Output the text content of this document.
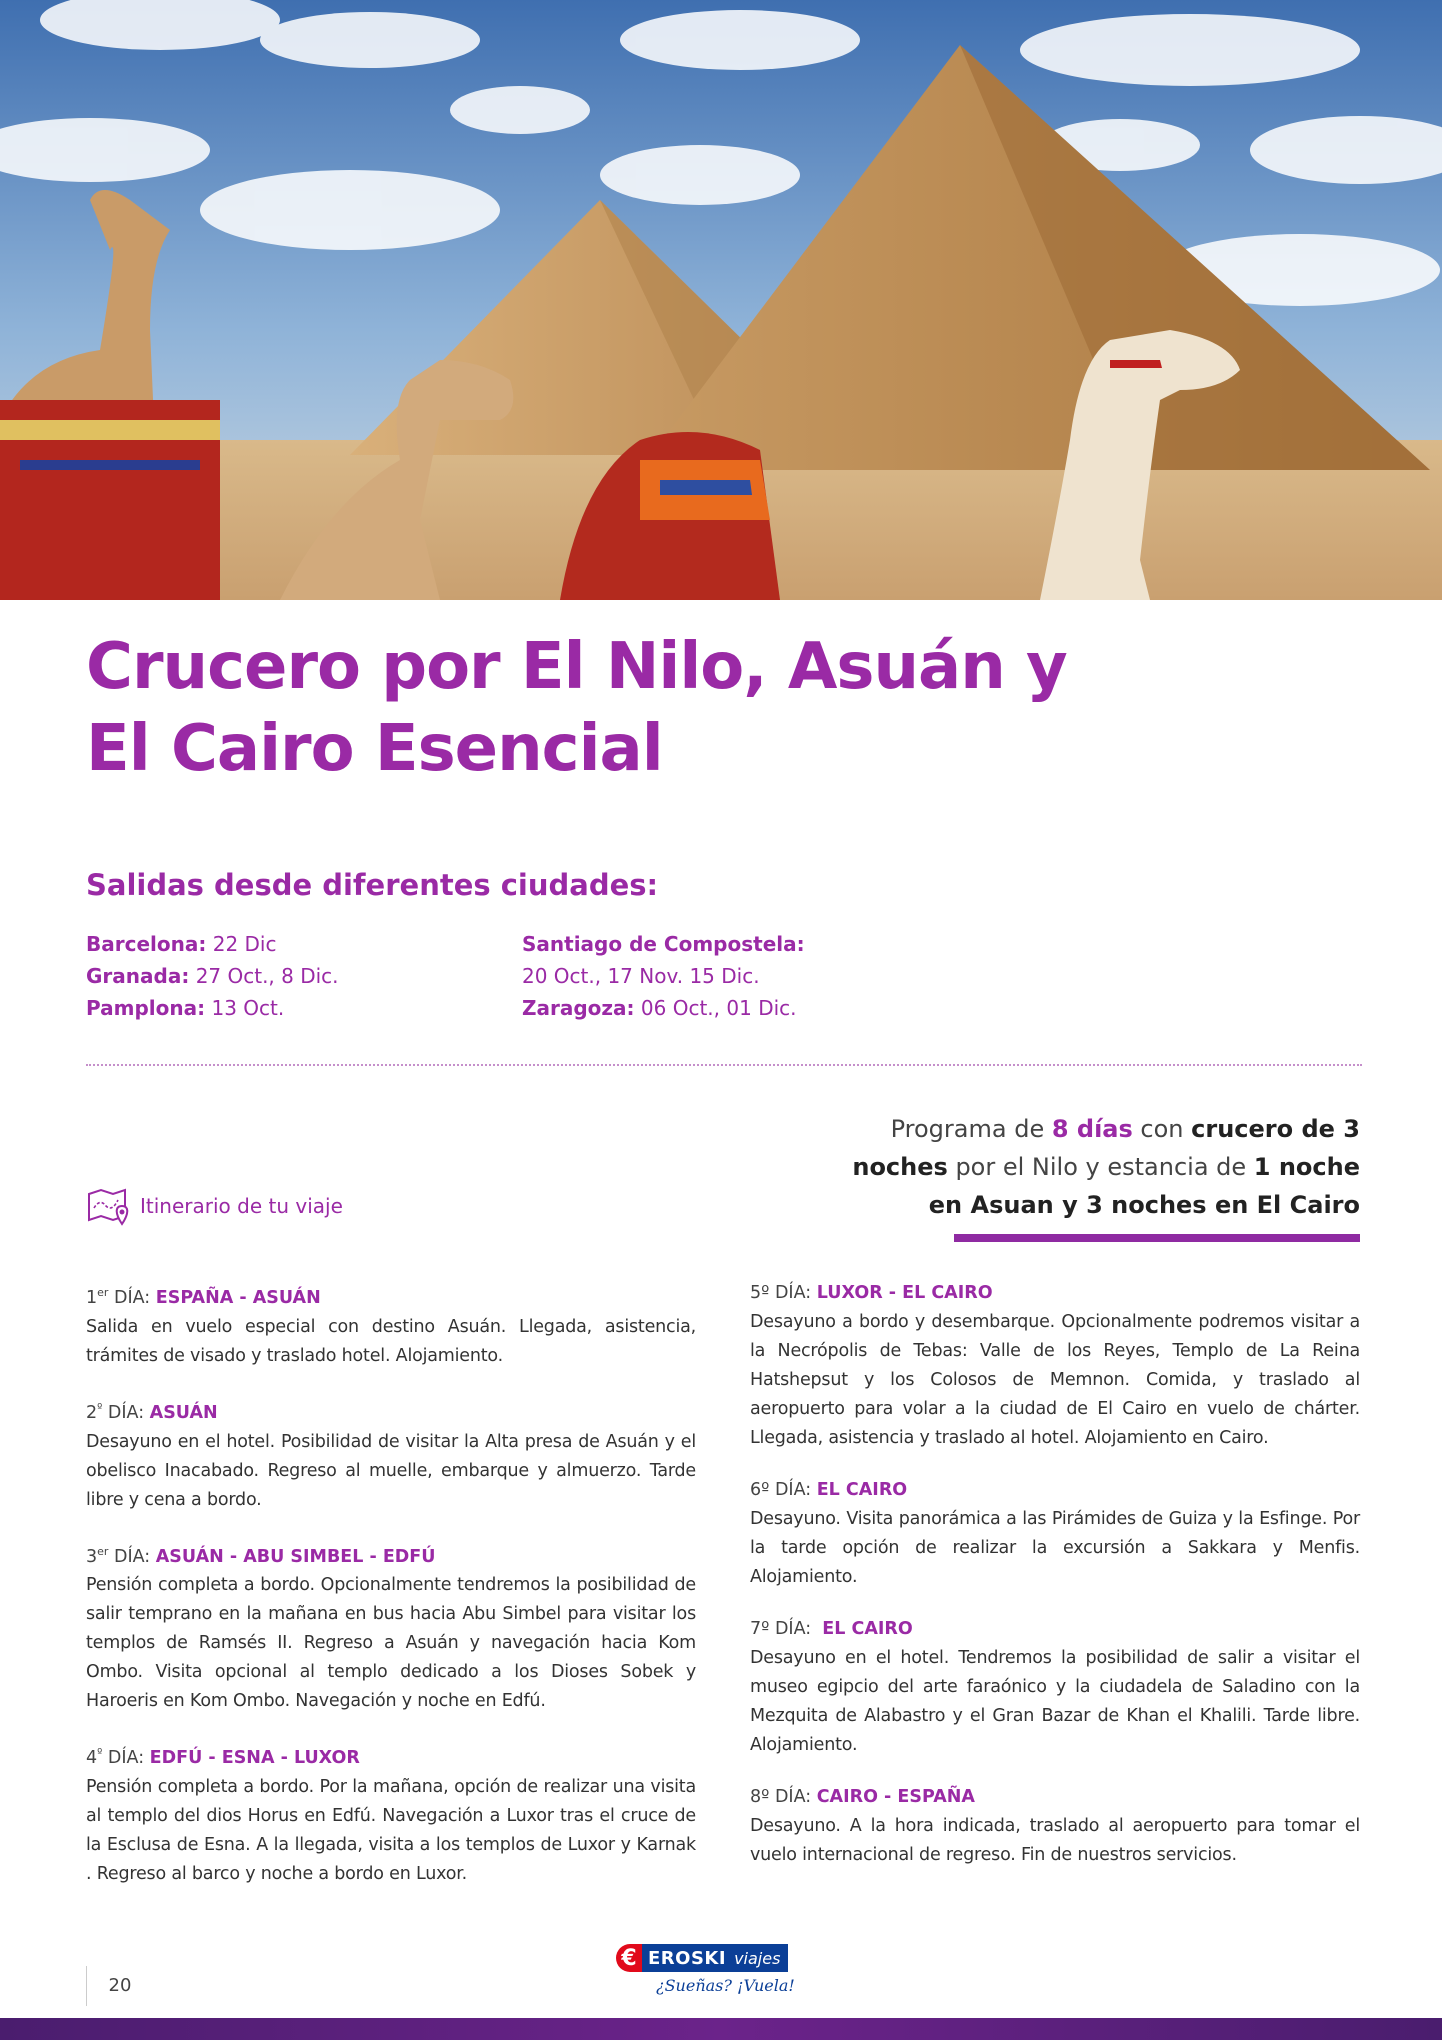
Crucero por El Nilo, Asuán y
El Cairo Esencial
Salidas desde diferentes ciudades:
Barcelona: 22 Dic
Granada: 27 Oct., 8 Dic.
Pamplona: 13 Oct.
Santiago de Compostela:
20 Oct., 17 Nov. 15 Dic.
Zaragoza: 06 Oct., 01 Dic.
Programa de 8 días con crucero de 3
noches por el Nilo y estancia de 1 noche
en Asuan y 3 noches en El Cairo
Itinerario de tu viaje
1er DÍA: ESPAÑA - ASUÁN
Salida en vuelo especial con destino Asuán. Llegada, asistencia, trámites de visado y traslado hotel. Alojamiento.
$2^º$ DÍA: ASUÁN
Desayuno en el hotel. Posibilidad de visitar la Alta presa de Asuán y el obelisco Inacabado. Regreso al muelle, embarque y almuerzo. Tarde libre y cena a bordo.
3er DÍA: ASUÁN - ABU SIMBEL - EDFÚ
Pensión completa a bordo. Opcionalmente tendremos la posibilidad de salir temprano en la mañana en bus hacia Abu Simbel para visitar los templos de Ramsés II. Regreso a Asuán y navegación hacia Kom Ombo. Visita opcional al templo dedicado a los Dioses Sobek y Haroeris en Kom Ombo. Navegación y noche en Edfú.
$4^º$ DÍA: EDFÚ - ESNA - LUXOR
Pensión completa a bordo. Por la mañana, opción de realizar una visita al templo del dios Horus en Edfú. Navegación a Luxor tras el cruce de la Esclusa de Esna. A la llegada, visita a los templos de Luxor y Karnak . Regreso al barco y noche a bordo en Luxor.
5º DÍA: LUXOR - EL CAIRO
Desayuno a bordo y desembarque. Opcionalmente podremos visitar a la Necrópolis de Tebas: Valle de los Reyes, Templo de La Reina Hatshepsut y los Colosos de Memnon. Comida, y traslado al aeropuerto para volar a la ciudad de El Cairo en vuelo de chárter. Llegada, asistencia y traslado al hotel. Alojamiento en Cairo.
6º DÍA: EL CAIRO
Desayuno. Visita panorámica a las Pirámides de Guiza y la Esfinge. Por la tarde opción de realizar la excursión a Sakkara y Menfis. Alojamiento.
7º DÍA:  EL CAIRO
Desayuno en el hotel. Tendremos la posibilidad de salir a visitar el museo egipcio del arte faraónico y la ciudadela de Saladino con la Mezquita de Alabastro y el Gran Bazar de Khan el Khalili. Tarde libre. Alojamiento.
8º DÍA: CAIRO - ESPAÑA
Desayuno. A la hora indicada, traslado al aeropuerto para tomar el vuelo internacional de regreso. Fin de nuestros servicios.
20
€ EROSKI viajes
¿Sueñas? ¡Vuela!
